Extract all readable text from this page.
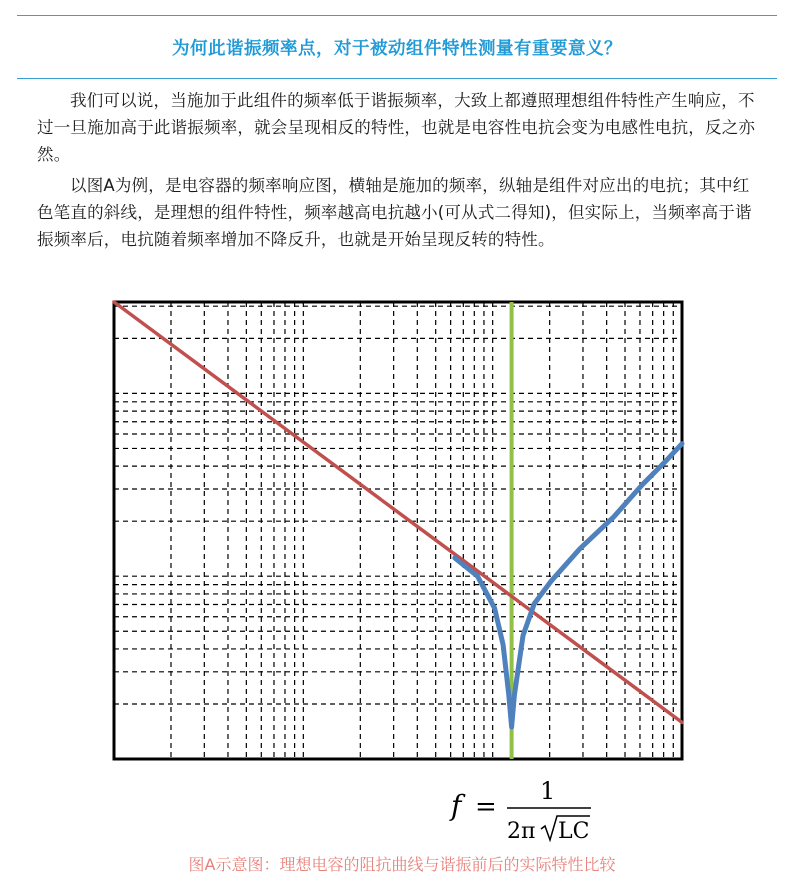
为何此谐振频率点，对于被动组件特性测量有重要意义？
我们可以说，当施加于此组件的频率低于谐振频率，大致上都遵照理想组件特性产生响应，不过一旦施加高于此谐振频率，就会呈现相反的特性，也就是电容性电抗会变为电感性电抗，反之亦然。
以图A为例，是电容器的频率响应图，横轴是施加的频率，纵轴是组件对应出的电抗；其中红色笔直的斜线，是理想的组件特性，频率越高电抗越小(可从式二得知)，但实际上，当频率高于谐振频率后，电抗随着频率增加不降反升，也就是开始呈现反转的特性。
f =
1
2π LC
图A示意图：理想电容的阻抗曲线与谐振前后的实际特性比较
